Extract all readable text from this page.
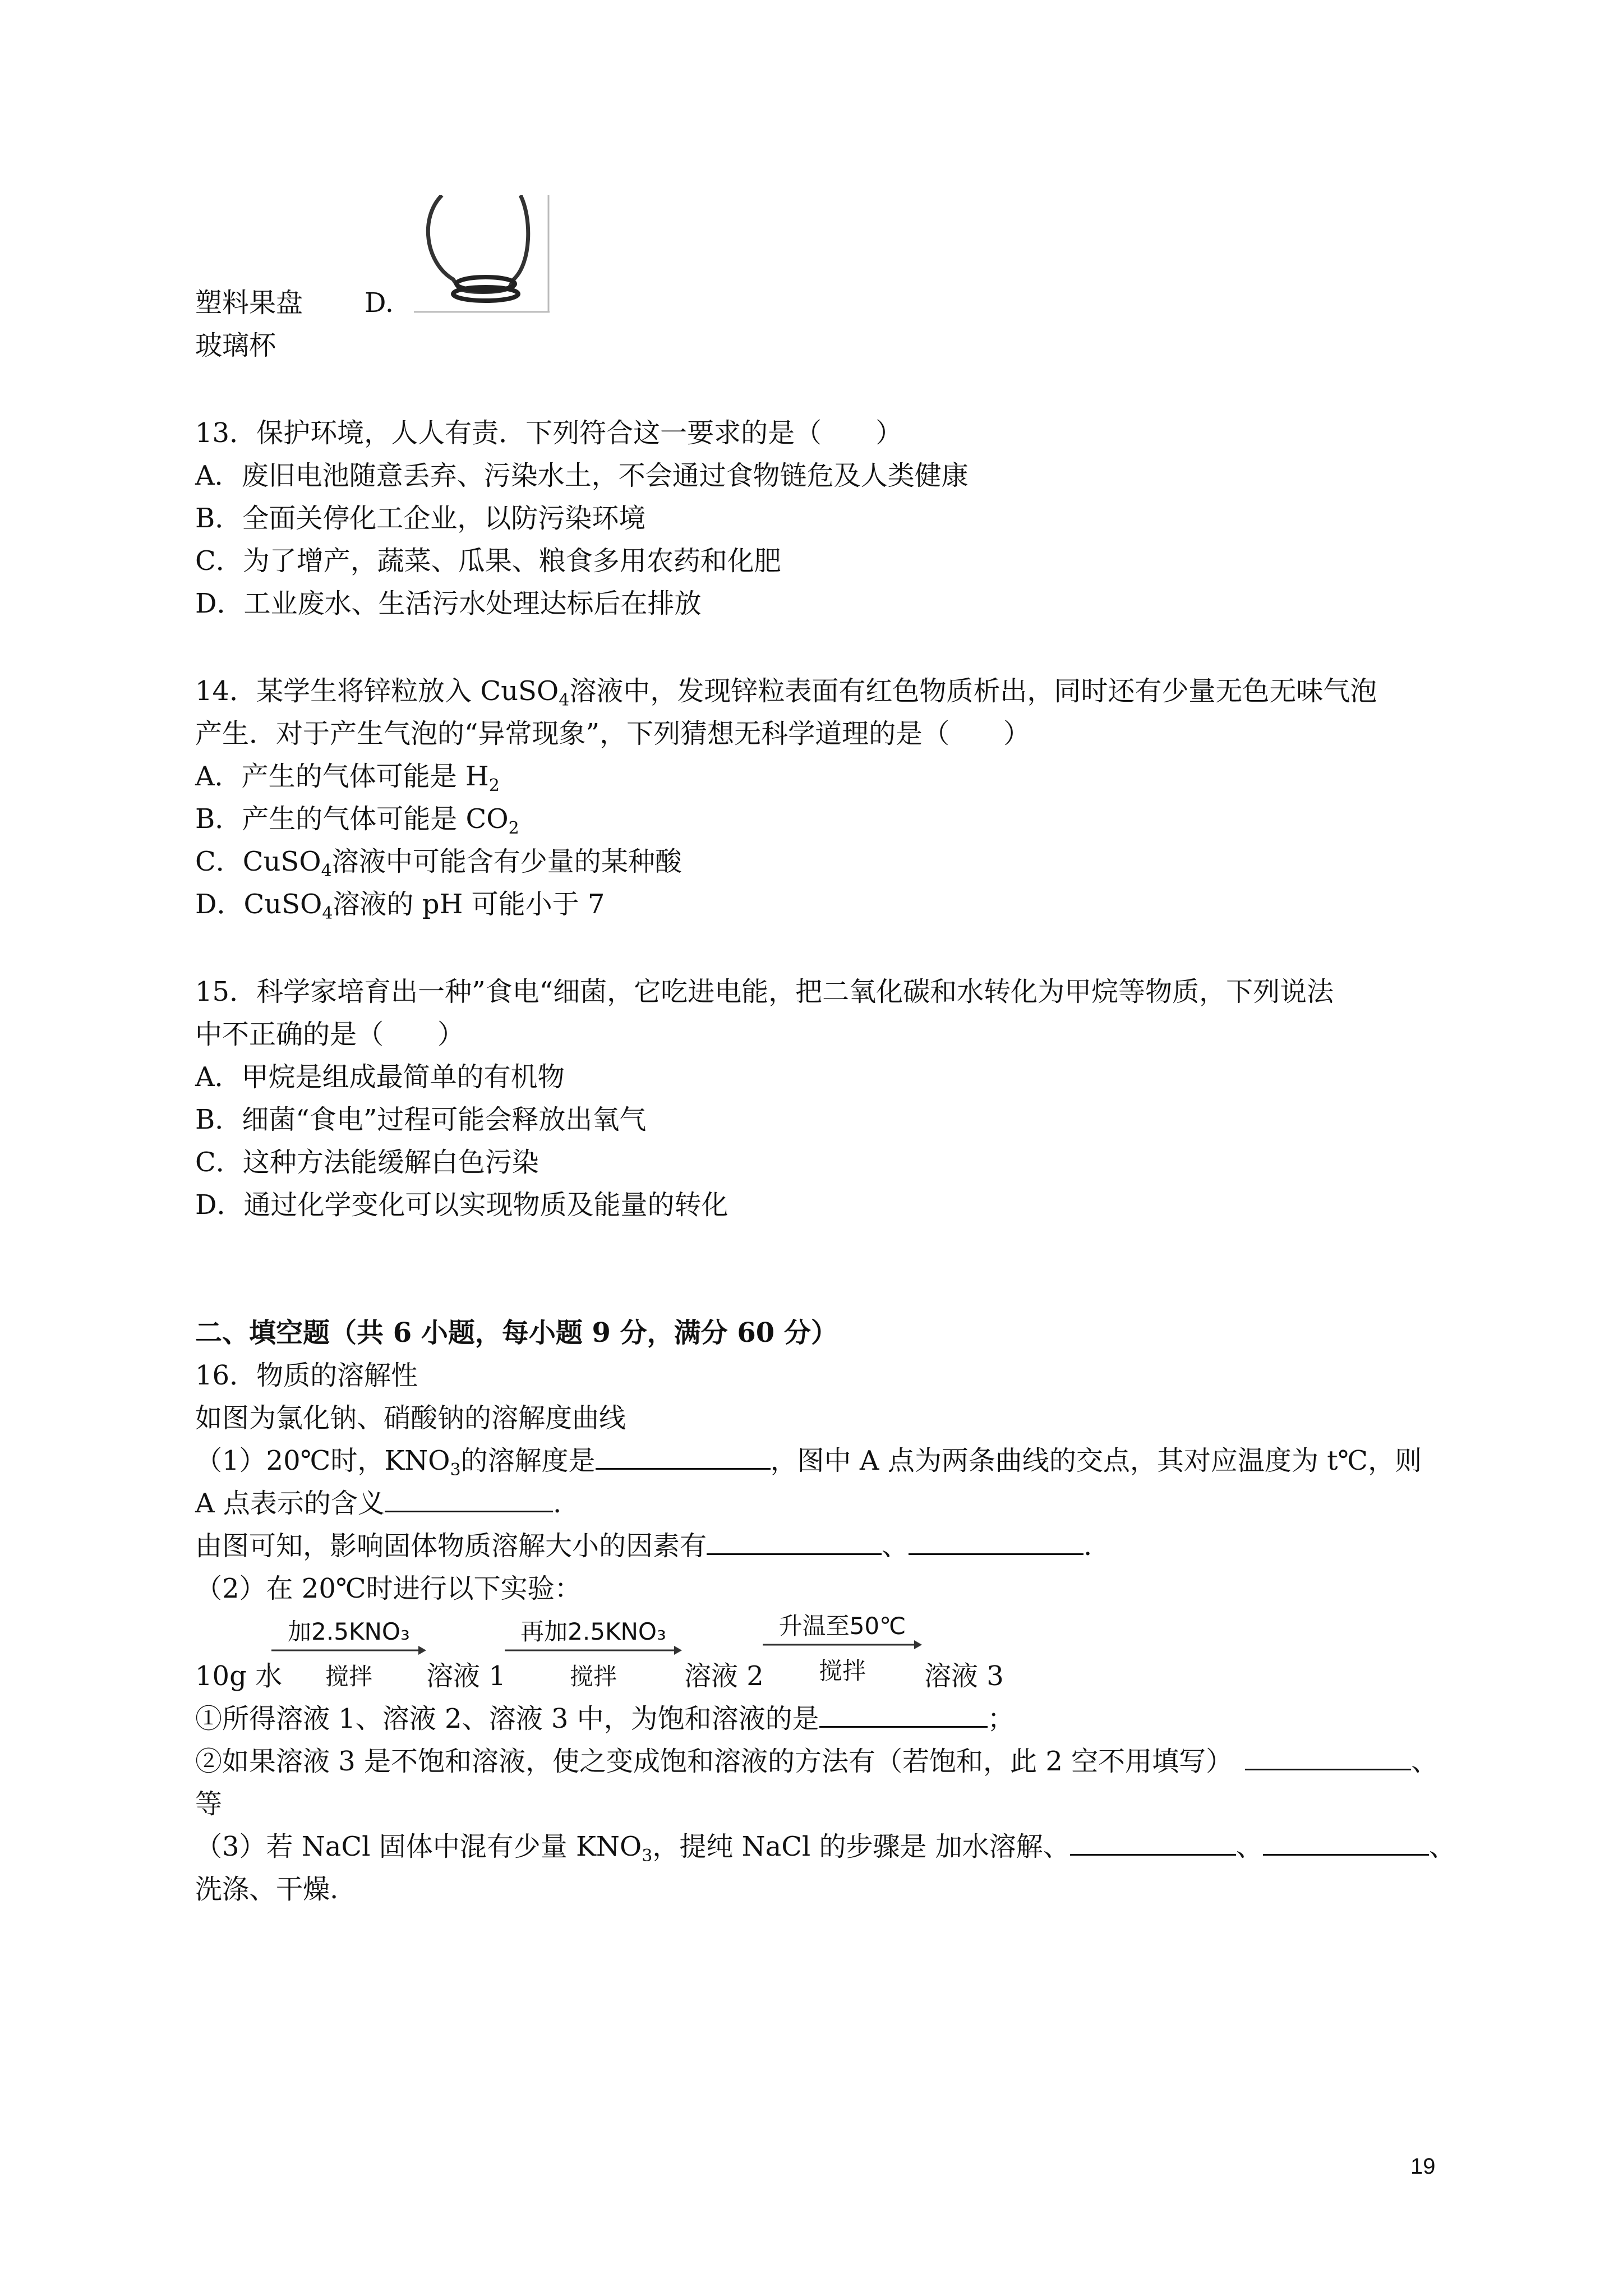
塑料果盘 D.
玻璃杯
13．保护环境，人人有责．下列符合这一要求的是（　　）
A．废旧电池随意丢弃、污染水土，不会通过食物链危及人类健康
B．全面关停化工企业，以防污染环境
C．为了增产，蔬菜、瓜果、粮食多用农药和化肥
D．工业废水、生活污水处理达标后在排放
14．某学生将锌粒放入 CuSO$_4$溶液中，发现锌粒表面有红色物质析出，同时还有少量无色无味气泡
产生．对于产生气泡的“异常现象”，下列猜想无科学道理的是（　　）
A．产生的气体可能是 $H_2$
B．产生的气体可能是 $CO_2$
C．CuSO$_4$溶液中可能含有少量的某种酸
D．CuSO$_4$溶液的 pH 可能小于 7
15．科学家培育出一种”食电“细菌，它吃进电能，把二氧化碳和水转化为甲烷等物质，下列说法
中不正确的是（　　）
A．甲烷是组成最简单的有机物
B．细菌“食电”过程可能会释放出氧气
C．这种方法能缓解白色污染
D．通过化学变化可以实现物质及能量的转化
二、填空题（共 6 小题，每小题 9 分，满分 60 分）
16．物质的溶解性
如图为氯化钠、硝酸钠的溶解度曲线
（1）20℃时，$KNO_3$的溶解度是	，图中 A 点为两条曲线的交点，其对应温度为 t℃，则
A 点表示的含义	.
由图可知，影响固体物质溶解大小的因素有	、	.
（2）在 20℃时进行以下实验：
10g 水
加2.5KNO₃
搅拌	溶液 1
再加2.5KNO₃
搅拌	溶液 2
升温至50℃
搅拌	溶液 3
①所得溶液 1、溶液 2、溶液 3 中，为饱和溶液的是	；
②如果溶液 3 是不饱和溶液，使之变成饱和溶液的方法有（若饱和，此 2 空不用填写）	、
等
（3）若 NaCl 固体中混有少量 $KNO_3$，提纯 NaCl 的步骤是 加水溶解、	、	、
洗涤、干燥.
19
